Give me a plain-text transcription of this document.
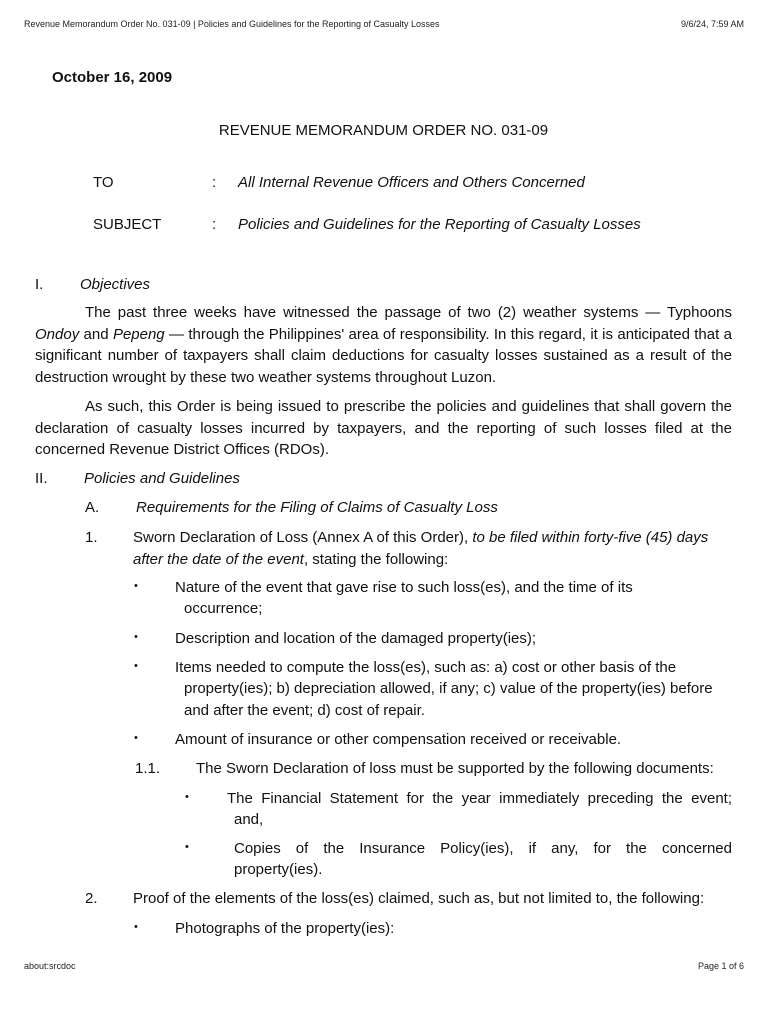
Revenue Memorandum Order No. 031-09 | Policies and Guidelines for the Reporting of Casualty Losses	9/6/24, 7:59 AM
October 16, 2009
REVENUE MEMORANDUM ORDER NO. 031-09
TO	: All Internal Revenue Officers and Others Concerned
SUBJECT	: Policies and Guidelines for the Reporting of Casualty Losses
I. Objectives
The past three weeks have witnessed the passage of two (2) weather systems — Typhoons Ondoy and Pepeng — through the Philippines' area of responsibility. In this regard, it is anticipated that a significant number of taxpayers shall claim deductions for casualty losses sustained as a result of the destruction wrought by these two weather systems throughout Luzon.
As such, this Order is being issued to prescribe the policies and guidelines that shall govern the declaration of casualty losses incurred by taxpayers, and the reporting of such losses filed at the concerned Revenue District Offices (RDOs).
II. Policies and Guidelines
A. Requirements for the Filing of Claims of Casualty Loss
1. Sworn Declaration of Loss (Annex A of this Order), to be filed within forty-five (45) days after the date of the event, stating the following:
• Nature of the event that gave rise to such loss(es), and the time of its
occurrence;
• Description and location of the damaged property(ies);
• Items needed to compute the loss(es), such as: a) cost or other basis of the
property(ies); b) depreciation allowed, if any; c) value of the property(ies) before
and after the event; d) cost of repair.
• Amount of insurance or other compensation received or receivable.
1.1. The Sworn Declaration of loss must be supported by the following documents:
•	The Financial Statement for the year immediately preceding the event;
and,
•	Copies of the Insurance Policy(ies), if any, for the concerned
property(ies).
2. Proof of the elements of the loss(es) claimed, such as, but not limited to, the following:
• Photographs of the property(ies):
about:srcdoc	Page 1 of 6
